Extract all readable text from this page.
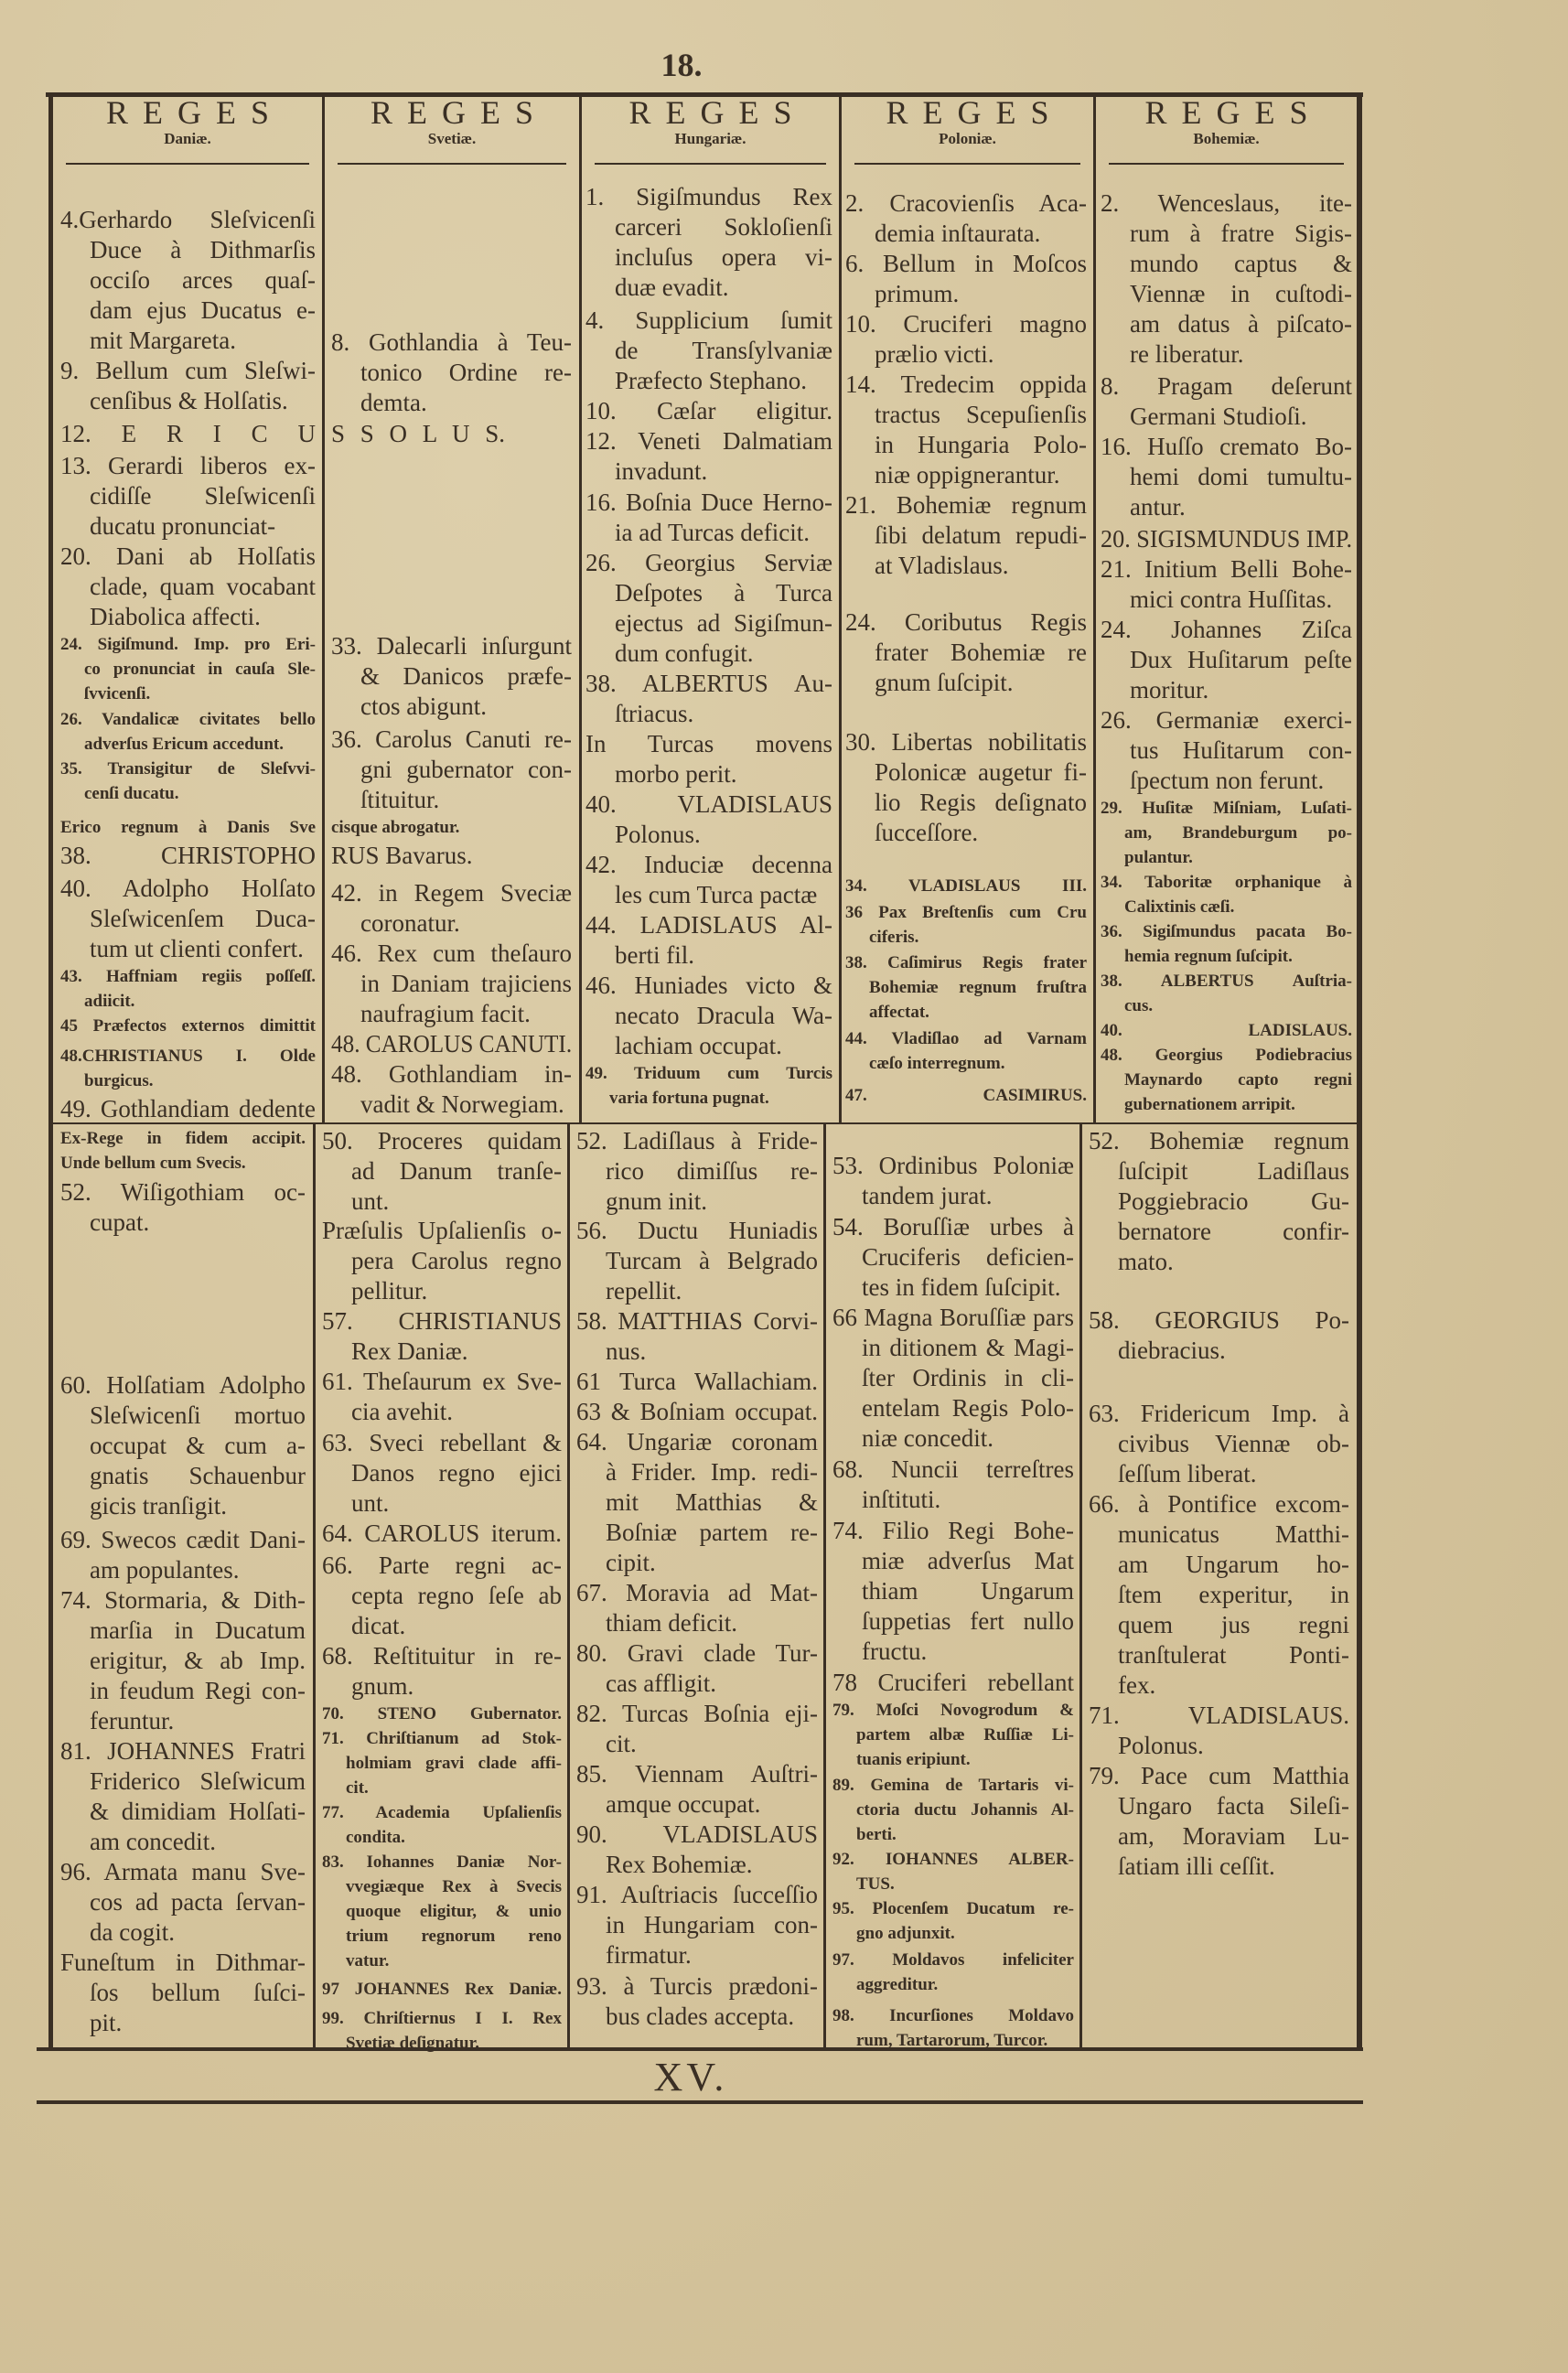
18.
XV.
REGES
Daniæ.
4.Gerhardo Sleſvicenſi
Duce à Dithmarſis
occiſo arces quaſ-
dam ejus Ducatus e-
mit Margareta.
9. Bellum cum Sleſwi-
cenſibus & Holſatis.
13. Gerardi liberos ex-
cidiſſe Sleſwicenſi
ducatu pronunciat-
20. Dani ab Holſatis
clade, quam vocabant
Diabolica affecti.
24. Sigiſmund. Imp. pro Eri-
co pronunciat in cauſa Sle-
ſvvicenſi.
26. Vandalicæ civitates bello
adverſus Ericum accedunt.
35. Transigitur de Sleſvvi-
cenſi ducatu.
40. Adolpho Holſato
Sleſwicenſem Duca-
tum ut clienti confert.
43. Haffniam regiis poſſeſſ.
adiicit.
45 Præfectos externos dimittit
48.CHRISTIANUS I. Olde
burgicus.
49. Gothlandiam dedente
Ex-Rege in fidem accipit.
Unde bellum cum Svecis.
52. Wiſigothiam oc-
cupat.
60. Holſatiam Adolpho
Sleſwicenſi mortuo
occupat & cum a-
gnatis Schauenbur
gicis tranſigit.
69. Swecos cædit Dani-
am populantes.
74. Stormaria, & Dith-
marſia in Ducatum
erigitur, & ab Imp.
in feudum Regi con-
feruntur.
81. JOHANNES Fratri
Friderico Sleſwicum
& dimidiam Holſati-
am concedit.
96. Armata manu Sve-
cos ad pacta ſervan-
da cogit.
Funeſtum in Dithmar-
ſos bellum ſuſci-
pit.
REGES
Svetiæ.
8. Gothlandia à Teu-
tonico Ordine re-
demta.
33. Dalecarli inſurgunt
& Danicos præfe-
ctos abigunt.
36. Carolus Canuti re-
gni gubernator con-
ſtituitur.
42. in Regem Sveciæ
coronatur.
46. Rex cum theſauro
in Daniam trajiciens
naufragium facit.
48. CAROLUS CANUTI.
48. Gothlandiam in-
vadit & Norwegiam.
50. Proceres quidam
ad Danum tranſe-
unt.
Præſulis Upſalienſis o-
pera Carolus regno
pellitur.
57. CHRISTIANUS
Rex Daniæ.
61. Theſaurum ex Sve-
cia avehit.
63. Sveci rebellant &
Danos regno ejici
unt.
64. CAROLUS iterum.
66. Parte regni ac-
cepta regno ſeſe ab
dicat.
68. Reſtituitur in re-
gnum.
70. STENO Gubernator.
71. Chriſtianum ad Stok-
holmiam gravi clade affi-
cit.
77. Academia Upſalienſis
condita.
83. Iohannes Daniæ Nor-
vvegiæque Rex à Svecis
quoque eligitur, & unio
trium regnorum reno
vatur.
97 JOHANNES Rex Daniæ.
99. Chriſtiernus I I. Rex
Svetiæ deſignatur.
REGES
Hungariæ.
1. Sigiſmundus Rex
carceri Sokloſienſi
incluſus opera vi-
duæ evadit.
4. Supplicium ſumit
de Transſylvaniæ
Præfecto Stephano.
10. Cæſar eligitur.
12. Veneti Dalmatiam
invadunt.
16. Boſnia Duce Herno-
ia ad Turcas deficit.
26. Georgius Serviæ
Deſpotes à Turca
ejectus ad Sigiſmun-
dum confugit.
38. ALBERTUS Au-
ſtriacus.
In Turcas movens
morbo perit.
40. VLADISLAUS
Polonus.
42. Induciæ decenna
les cum Turca pactæ
44. LADISLAUS Al-
berti fil.
46. Huniades victo &
necato Dracula Wa-
lachiam occupat.
49. Triduum cum Turcis
varia fortuna pugnat.
52. Ladiſlaus à Fride-
rico dimiſſus re-
gnum init.
56. Ductu Huniadis
Turcam à Belgrado
repellit.
58. MATTHIAS Corvi-
nus.
61 Turca Wallachiam.
63 & Boſniam occupat.
64. Ungariæ coronam
à Frider. Imp. redi-
mit Matthias &
Boſniæ partem re-
cipit.
67. Moravia ad Mat-
thiam deficit.
80. Gravi clade Tur-
cas affligit.
82. Turcas Boſnia eji-
cit.
85. Viennam Auſtri-
amque occupat.
90. VLADISLAUS
Rex Bohemiæ.
91. Auſtriacis ſucceſſio
in Hungariam con-
firmatur.
93. à Turcis prædoni-
bus clades accepta.
REGES
Poloniæ.
2. Cracovienſis Aca-
demia inſtaurata.
6. Bellum in Moſcos
primum.
10. Cruciferi magno
prælio victi.
14. Tredecim oppida
tractus Scepuſienſis
in Hungaria Polo-
niæ oppignerantur.
21. Bohemiæ regnum
ſibi delatum repudi-
at Vladislaus.
24. Coributus Regis
frater Bohemiæ re
gnum ſuſcipit.
30. Libertas nobilitatis
Polonicæ augetur fi-
lio Regis deſignato
ſucceſſore.
34. VLADISLAUS III.
36 Pax Breſtenſis cum Cru
ciferis.
38. Caſimirus Regis frater
Bohemiæ regnum fruſtra
affectat.
44. Vladiſlao ad Varnam
cæſo interregnum.
47. CASIMIRUS.
53. Ordinibus Poloniæ
tandem jurat.
54. Boruſſiæ urbes à
Cruciferis deficien-
tes in fidem ſuſcipit.
66 Magna Boruſſiæ pars
in ditionem & Magi-
ſter Ordinis in cli-
entelam Regis Polo-
niæ concedit.
68. Nuncii terreſtres
inſtituti.
74. Filio Regi Bohe-
miæ adverſus Mat
thiam Ungarum
ſuppetias fert nullo
fructu.
78 Cruciferi rebellant
79. Moſci Novogrodum &
partem albæ Ruſſiæ Li-
tuanis eripiunt.
89. Gemina de Tartaris vi-
ctoria ductu Johannis Al-
berti.
92. IOHANNES ALBER-
TUS.
95. Plocenſem Ducatum re-
gno adjunxit.
97. Moldavos infeliciter
aggreditur.
98. Incurſiones Moldavo
rum, Tartarorum, Turcor.
REGES
Bohemiæ.
2. Wenceslaus, ite-
rum à fratre Sigis-
mundo captus &
Viennæ in cuſtodi-
am datus à piſcato-
re liberatur.
8. Pragam deſerunt
Germani Studioſi.
16. Huſſo cremato Bo-
hemi domi tumultu-
antur.
20. SIGISMUNDUS IMP.
21. Initium Belli Bohe-
mici contra Huſſitas.
24. Johannes Ziſca
Dux Huſitarum peſte
moritur.
26. Germaniæ exerci-
tus Huſitarum con-
ſpectum non ferunt.
29. Huſitæ Miſniam, Luſati-
am, Brandeburgum po-
pulantur.
34. Taboritæ orphanique à
Calixtinis cæſi.
36. Sigiſmundus pacata Bo-
hemia regnum ſuſcipit.
38. ALBERTUS Auſtria-
cus.
40. LADISLAUS.
48. Georgius Podiebracius
Maynardo capto regni
gubernationem arripit.
52. Bohemiæ regnum
ſuſcipit Ladiſlaus
Poggiebracio Gu-
bernatore confir-
mato.
58. GEORGIUS Po-
diebracius.
63. Fridericum Imp. à
civibus Viennæ ob-
ſeſſum liberat.
66. à Pontifice excom-
municatus Matthi-
am Ungarum ho-
ſtem experitur, in
quem jus regni
tranſtulerat Ponti-
fex.
71. VLADISLAUS.
Polonus.
79. Pace cum Matthia
Ungaro facta Sileſi-
am, Moraviam Lu-
ſatiam illi ceſſit.
12. E R I C U S S O L U S.
Erico regnum à Danis Sve cisque abrogatur.
38. CHRISTOPHO RUS Bavarus.
